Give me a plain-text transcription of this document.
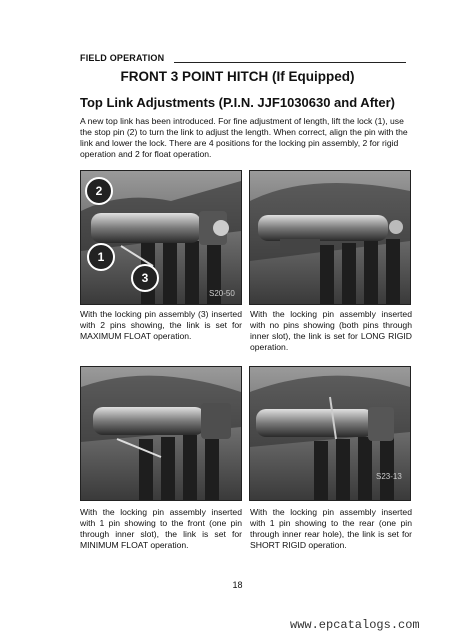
FIELD OPERATION
FRONT 3 POINT HITCH (If Equipped)
Top Link Adjustments (P.I.N. JJF1030630 and After)
A new top link has been introduced. For fine adjustment of length, lift the lock (1), use the stop pin (2) to turn the link to adjust the length. When correct, align the pin with the link and lower the lock. There are 4 positions for the locking pin assembly, 2 for rigid operation and 2 for float operation.
S20-50
2
1
3
With the locking pin assembly (3) inserted with 2 pins showing, the link is set for MAXIMUM FLOAT operation.
With the locking pin assembly inserted with no pins showing (both pins through inner slot), the link is set for LONG RIGID operation.
With the locking pin assembly inserted with 1 pin showing to the front (one pin through inner slot), the link is set for MINIMUM FLOAT operation.
S23-13
With the locking pin assembly inserted with 1 pin showing to the rear (one pin through inner rear hole), the link is set for SHORT RIGID operation.
18
www.epcatalogs.com
